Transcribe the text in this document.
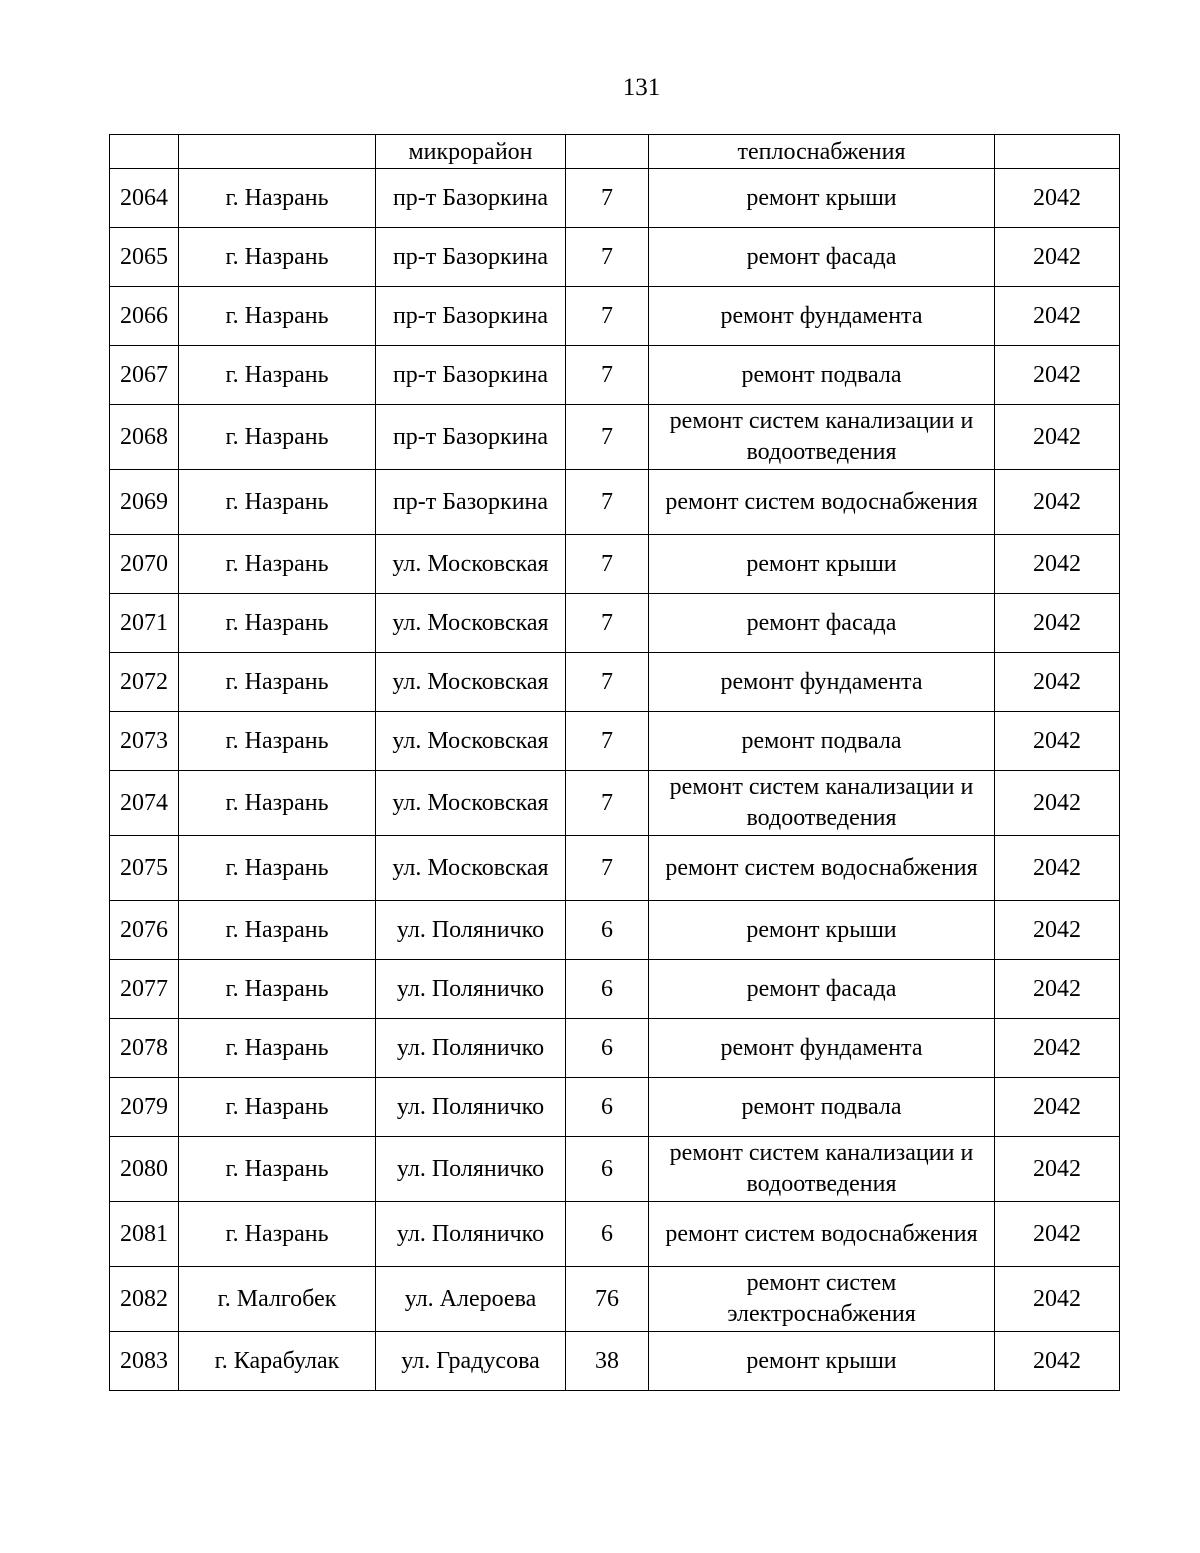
131
		микрорайон		теплоснабжения	
2064	г. Назрань	пр-т Базоркина	7	ремонт крыши	2042
2065	г. Назрань	пр-т Базоркина	7	ремонт фасада	2042
2066	г. Назрань	пр-т Базоркина	7	ремонт фундамента	2042
2067	г. Назрань	пр-т Базоркина	7	ремонт подвала	2042
2068	г. Назрань	пр-т Базоркина	7	ремонт систем канализации и водоотведения	2042
2069	г. Назрань	пр-т Базоркина	7	ремонт систем водоснабжения	2042
2070	г. Назрань	ул. Московская	7	ремонт крыши	2042
2071	г. Назрань	ул. Московская	7	ремонт фасада	2042
2072	г. Назрань	ул. Московская	7	ремонт фундамента	2042
2073	г. Назрань	ул. Московская	7	ремонт подвала	2042
2074	г. Назрань	ул. Московская	7	ремонт систем канализации и водоотведения	2042
2075	г. Назрань	ул. Московская	7	ремонт систем водоснабжения	2042
2076	г. Назрань	ул. Поляничко	6	ремонт крыши	2042
2077	г. Назрань	ул. Поляничко	6	ремонт фасада	2042
2078	г. Назрань	ул. Поляничко	6	ремонт фундамента	2042
2079	г. Назрань	ул. Поляничко	6	ремонт подвала	2042
2080	г. Назрань	ул. Поляничко	6	ремонт систем канализации и водоотведения	2042
2081	г. Назрань	ул. Поляничко	6	ремонт систем водоснабжения	2042
2082	г. Малгобек	ул. Алероева	76	ремонт систем электроснабжения	2042
2083	г. Карабулак	ул. Градусова	38	ремонт крыши	2042
